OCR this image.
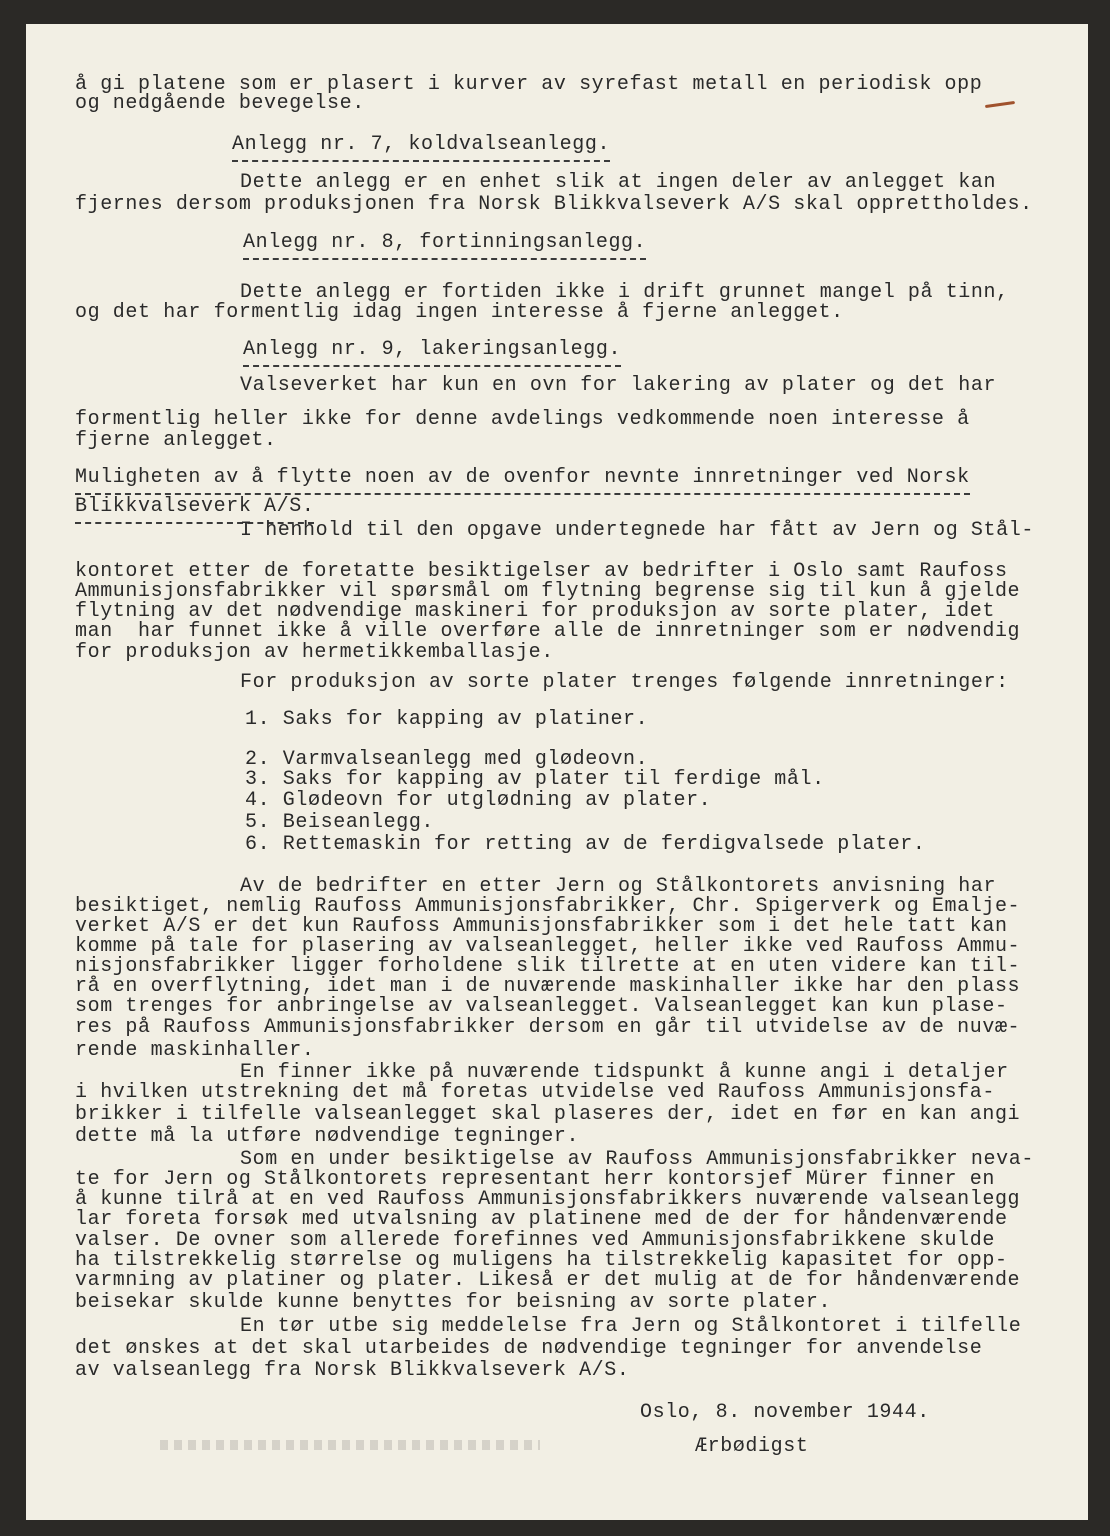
å gi platene som er plasert i kurver av syrefast metall en periodisk opp
og nedgående bevegelse.
Anlegg nr. 7, koldvalseanlegg.
Dette anlegg er en enhet slik at ingen deler av anlegget kan
fjernes dersom produksjonen fra Norsk Blikkvalseverk A/S skal opprettholdes.
Anlegg nr. 8, fortinningsanlegg.
Dette anlegg er fortiden ikke i drift grunnet mangel på tinn,
og det har formentlig idag ingen interesse å fjerne anlegget.
Anlegg nr. 9, lakeringsanlegg.
Valseverket har kun en ovn for lakering av plater og det har
formentlig heller ikke for denne avdelings vedkommende noen interesse å
fjerne anlegget.
Muligheten av å flytte noen av de ovenfor nevnte innretninger ved Norsk
Blikkvalseverk A/S.
I henhold til den opgave undertegnede har fått av Jern og Stål-
kontoret etter de foretatte besiktigelser av bedrifter i Oslo samt Raufoss
Ammunisjonsfabrikker vil spørsmål om flytning begrense sig til kun å gjelde
flytning av det nødvendige maskineri for produksjon av sorte plater, idet
man  har funnet ikke å ville overføre alle de innretninger som er nødvendig
for produksjon av hermetikkemballasje.
For produksjon av sorte plater trenges følgende innretninger:
1. Saks for kapping av platiner.
2. Varmvalseanlegg med glødeovn.
3. Saks for kapping av plater til ferdige mål.
4. Glødeovn for utglødning av plater.
5. Beiseanlegg.
6. Rettemaskin for retting av de ferdigvalsede plater.
Av de bedrifter en etter Jern og Stålkontorets anvisning har
besiktiget, nemlig Raufoss Ammunisjonsfabrikker, Chr. Spigerverk og Emalje-
verket A/S er det kun Raufoss Ammunisjonsfabrikker som i det hele tatt kan
komme på tale for plasering av valseanlegget, heller ikke ved Raufoss Ammu-
nisjonsfabrikker ligger forholdene slik tilrette at en uten videre kan til-
rå en overflytning, idet man i de nuværende maskinhaller ikke har den plass
som trenges for anbringelse av valseanlegget. Valseanlegget kan kun plase-
res på Raufoss Ammunisjonsfabrikker dersom en går til utvidelse av de nuvæ-
rende maskinhaller.
En finner ikke på nuværende tidspunkt å kunne angi i detaljer
i hvilken utstrekning det må foretas utvidelse ved Raufoss Ammunisjonsfa-
brikker i tilfelle valseanlegget skal plaseres der, idet en før en kan angi
dette må la utføre nødvendige tegninger.
Som en under besiktigelse av Raufoss Ammunisjonsfabrikker neva-
te for Jern og Stålkontorets representant herr kontorsjef Mürer finner en
å kunne tilrå at en ved Raufoss Ammunisjonsfabrikkers nuværende valseanlegg
lar foreta forsøk med utvalsning av platinene med de der for håndenværende
valser. De ovner som allerede forefinnes ved Ammunisjonsfabrikkene skulde
ha tilstrekkelig størrelse og muligens ha tilstrekkelig kapasitet for opp-
varmning av platiner og plater. Likeså er det mulig at de for håndenværende
beisekar skulde kunne benyttes for beisning av sorte plater.
En tør utbe sig meddelelse fra Jern og Stålkontoret i tilfelle
det ønskes at det skal utarbeides de nødvendige tegninger for anvendelse
av valseanlegg fra Norsk Blikkvalseverk A/S.
Oslo, 8. november 1944.
Ærbødigst
